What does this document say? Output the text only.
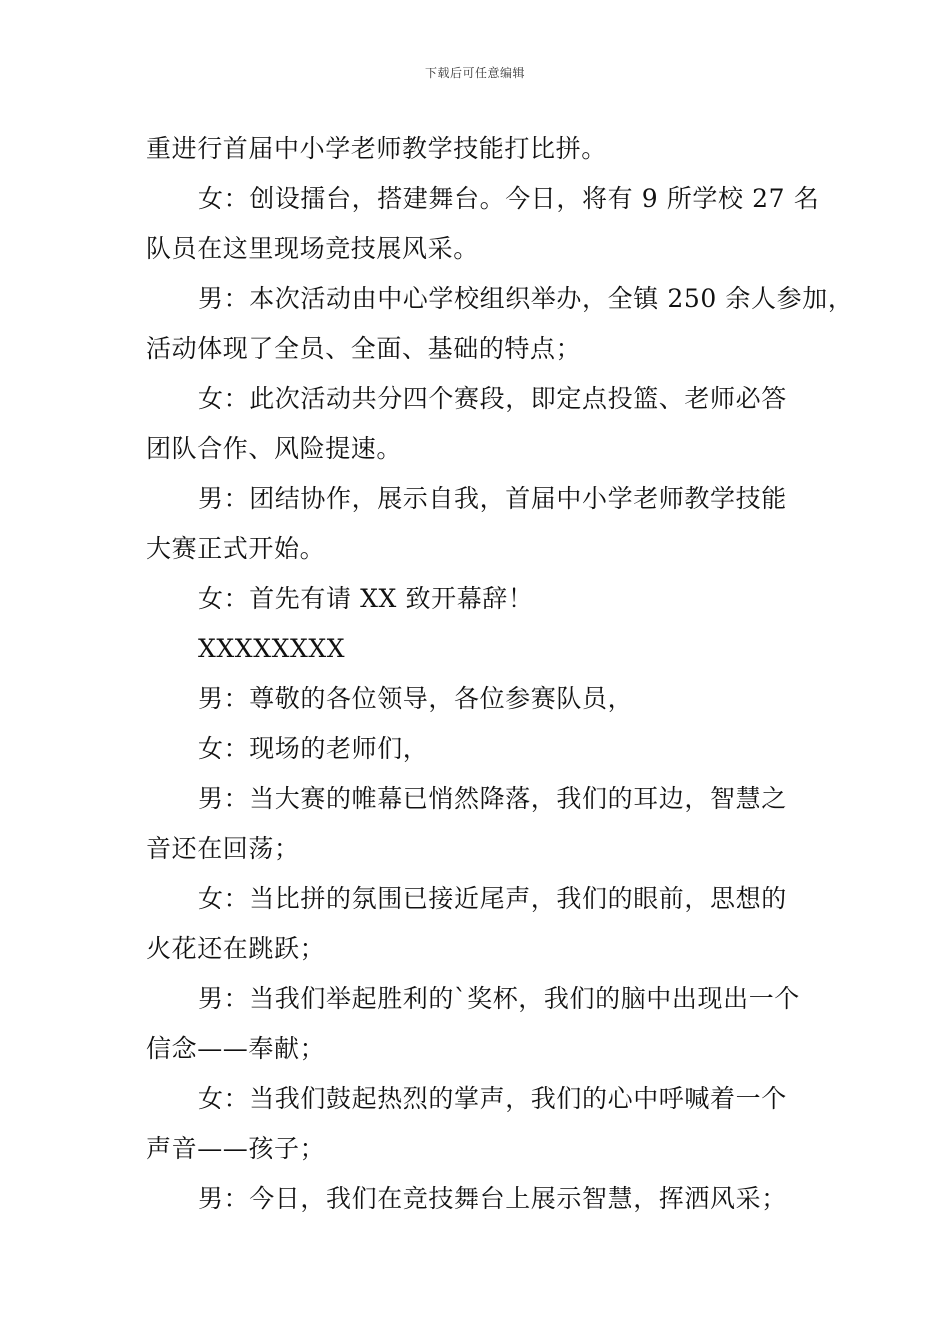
下载后可任意编辑
重进行首届中小学老师教学技能打比拼。
女：创设擂台，搭建舞台。今日，将有 9 所学校 27 名
队员在这里现场竞技展风采。
男：本次活动由中心学校组织举办，全镇 250 余人参加，
活动体现了全员、全面、基础的特点；
女：此次活动共分四个赛段，即定点投篮、老师必答
团队合作、风险提速。
男：团结协作，展示自我，首届中小学老师教学技能
大赛正式开始。
女：首先有请 XX 致开幕辞！
XXXXXXXX
男：尊敬的各位领导，各位参赛队员，
女：现场的老师们，
男：当大赛的帷幕已悄然降落，我们的耳边，智慧之
音还在回荡；
女：当比拼的氛围已接近尾声，我们的眼前，思想的
火花还在跳跃；
男：当我们举起胜利的`奖杯，我们的脑中出现出一个
信念——奉献；
女：当我们鼓起热烈的掌声，我们的心中呼喊着一个
声音——孩子；
男：今日，我们在竞技舞台上展示智慧，挥洒风采；
